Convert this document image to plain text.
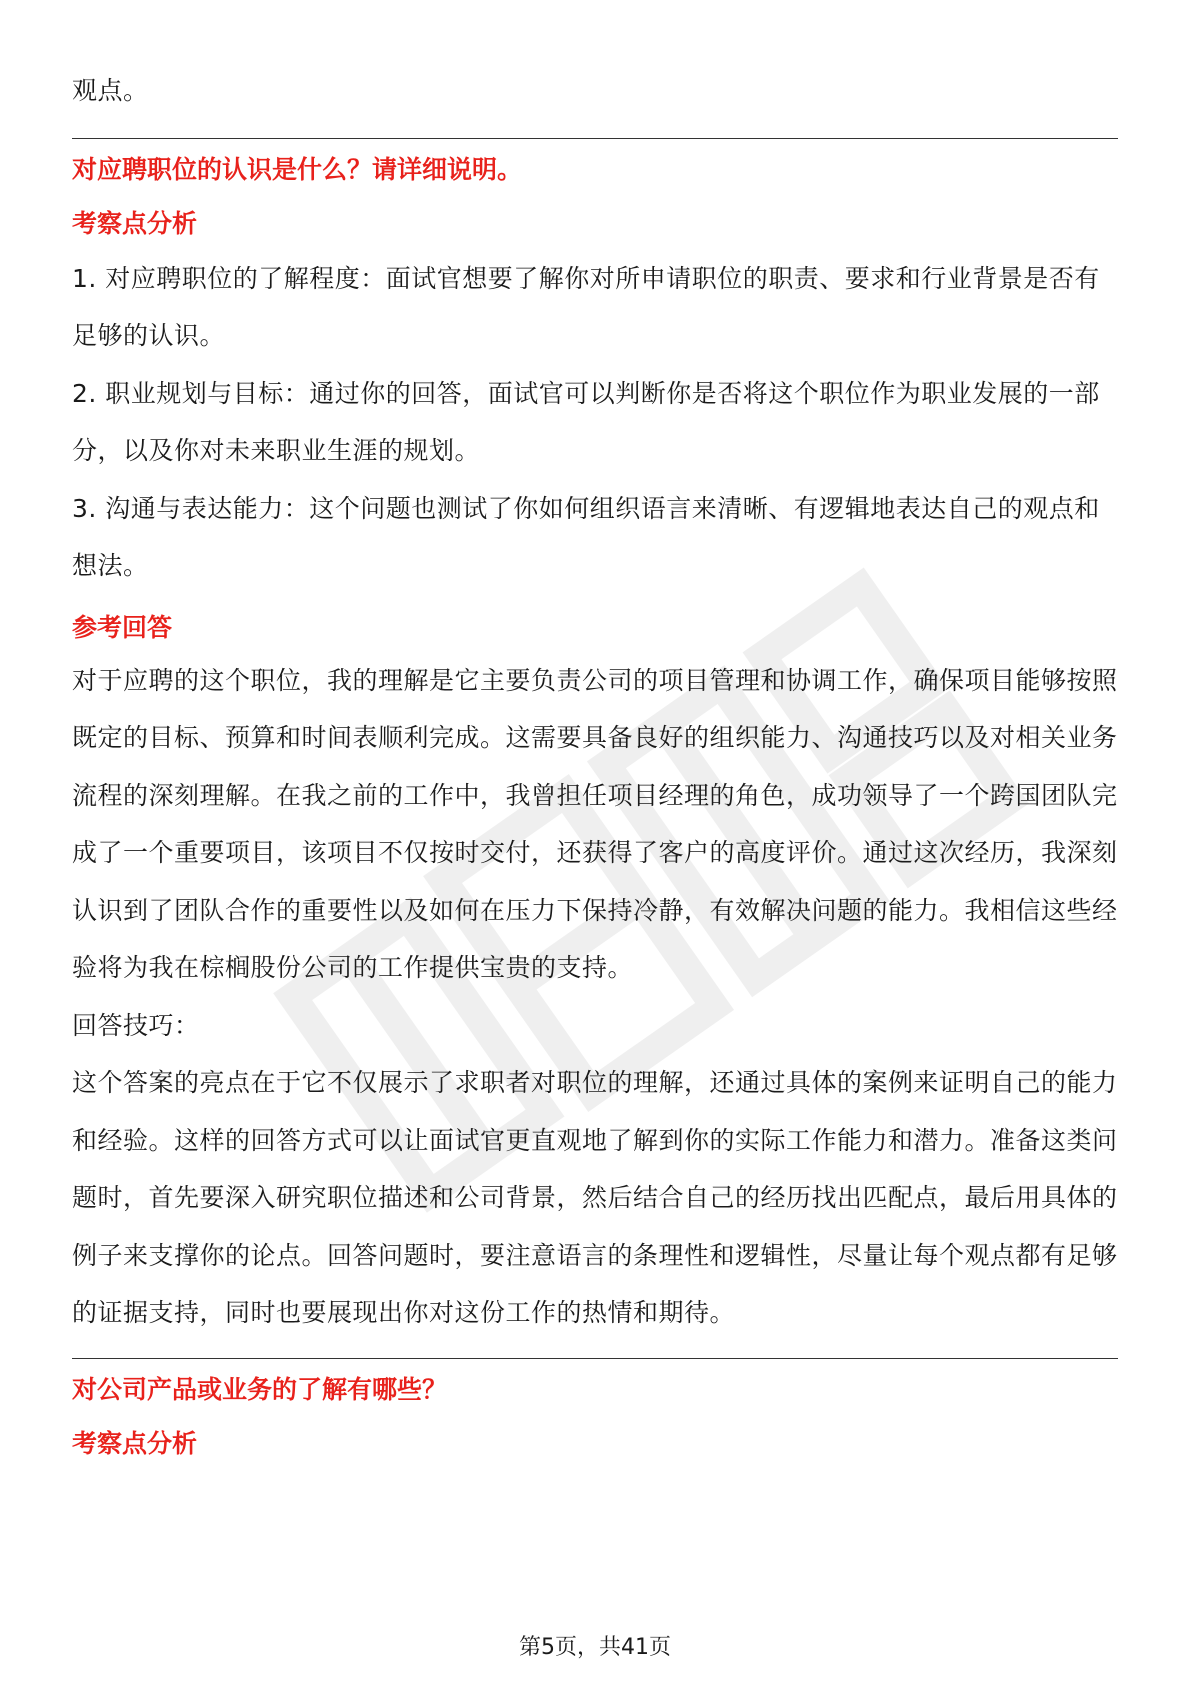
观点。

对应聘职位的认识是什么？请详细说明。

考察点分析

1. 对应聘职位的了解程度：面试官想要了解你对所申请职位的职责、要求和行业背景是否有足够的认识。

2. 职业规划与目标：通过你的回答，面试官可以判断你是否将这个职位作为职业发展的一部分，以及你对未来职业生涯的规划。

3. 沟通与表达能力：这个问题也测试了你如何组织语言来清晰、有逻辑地表达自己的观点和想法。

参考回答

对于应聘的这个职位，我的理解是它主要负责公司的项目管理和协调工作，确保项目能够按照既定的目标、预算和时间表顺利完成。这需要具备良好的组织能力、沟通技巧以及对相关业务流程的深刻理解。在我之前的工作中，我曾担任项目经理的角色，成功领导了一个跨国团队完成了一个重要项目，该项目不仅按时交付，还获得了客户的高度评价。通过这次经历，我深刻认识到了团队合作的重要性以及如何在压力下保持冷静，有效解决问题的能力。我相信这些经验将为我在棕榈股份公司的工作提供宝贵的支持。

回答技巧：

这个答案的亮点在于它不仅展示了求职者对职位的理解，还通过具体的案例来证明自己的能力和经验。这样的回答方式可以让面试官更直观地了解到你的实际工作能力和潜力。准备这类问题时，首先要深入研究职位描述和公司背景，然后结合自己的经历找出匹配点，最后用具体的例子来支撑你的论点。回答问题时，要注意语言的条理性和逻辑性，尽量让每个观点都有足够的证据支持，同时也要展现出你对这份工作的热情和期待。

对公司产品或业务的了解有哪些？

考察点分析

第5页，共41页
